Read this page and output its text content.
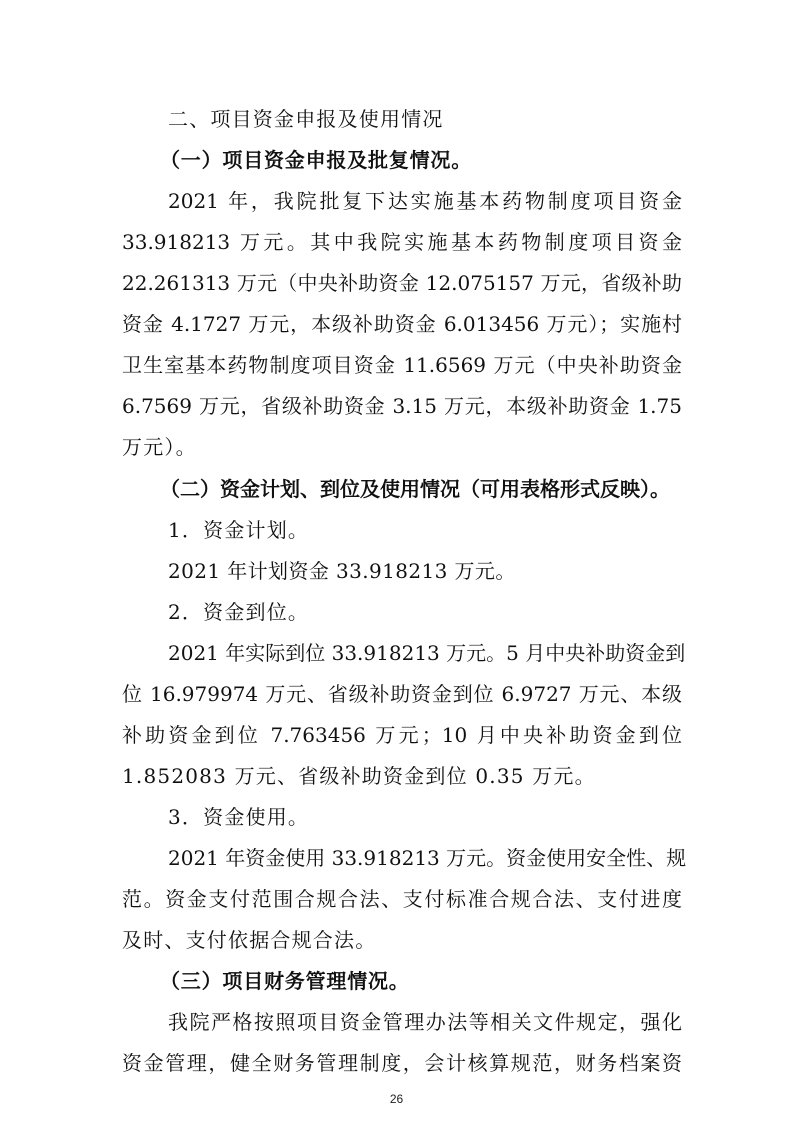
二、项目资金申报及使用情况
（一）项目资金申报及批复情况。
2021 年，我院批复下达实施基本药物制度项目资金
33.918213 万元。其中我院实施基本药物制度项目资金
22.261313 万元（中央补助资金 12.075157 万元，省级补助
资金 4.1727 万元，本级补助资金 6.013456 万元）；实施村
卫生室基本药物制度项目资金 11.6569 万元（中央补助资金
6.7569 万元，省级补助资金 3.15 万元，本级补助资金 1.75
万元）。
（二）资金计划、到位及使用情况（可用表格形式反映）。
1．资金计划。
2021 年计划资金 33.918213 万元。
2．资金到位。
2021 年实际到位 33.918213 万元。5 月中央补助资金到
位 16.979974 万元、省级补助资金到位 6.9727 万元、本级
补助资金到位 7.763456 万元；10 月中央补助资金到位
1.852083 万元、省级补助资金到位 0.35 万元。
3．资金使用。
2021 年资金使用 33.918213 万元。资金使用安全性、规
范。资金支付范围合规合法、支付标准合规合法、支付进度
及时、支付依据合规合法。
（三）项目财务管理情况。
我院严格按照项目资金管理办法等相关文件规定，强化
资金管理，健全财务管理制度，会计核算规范，财务档案资
26
